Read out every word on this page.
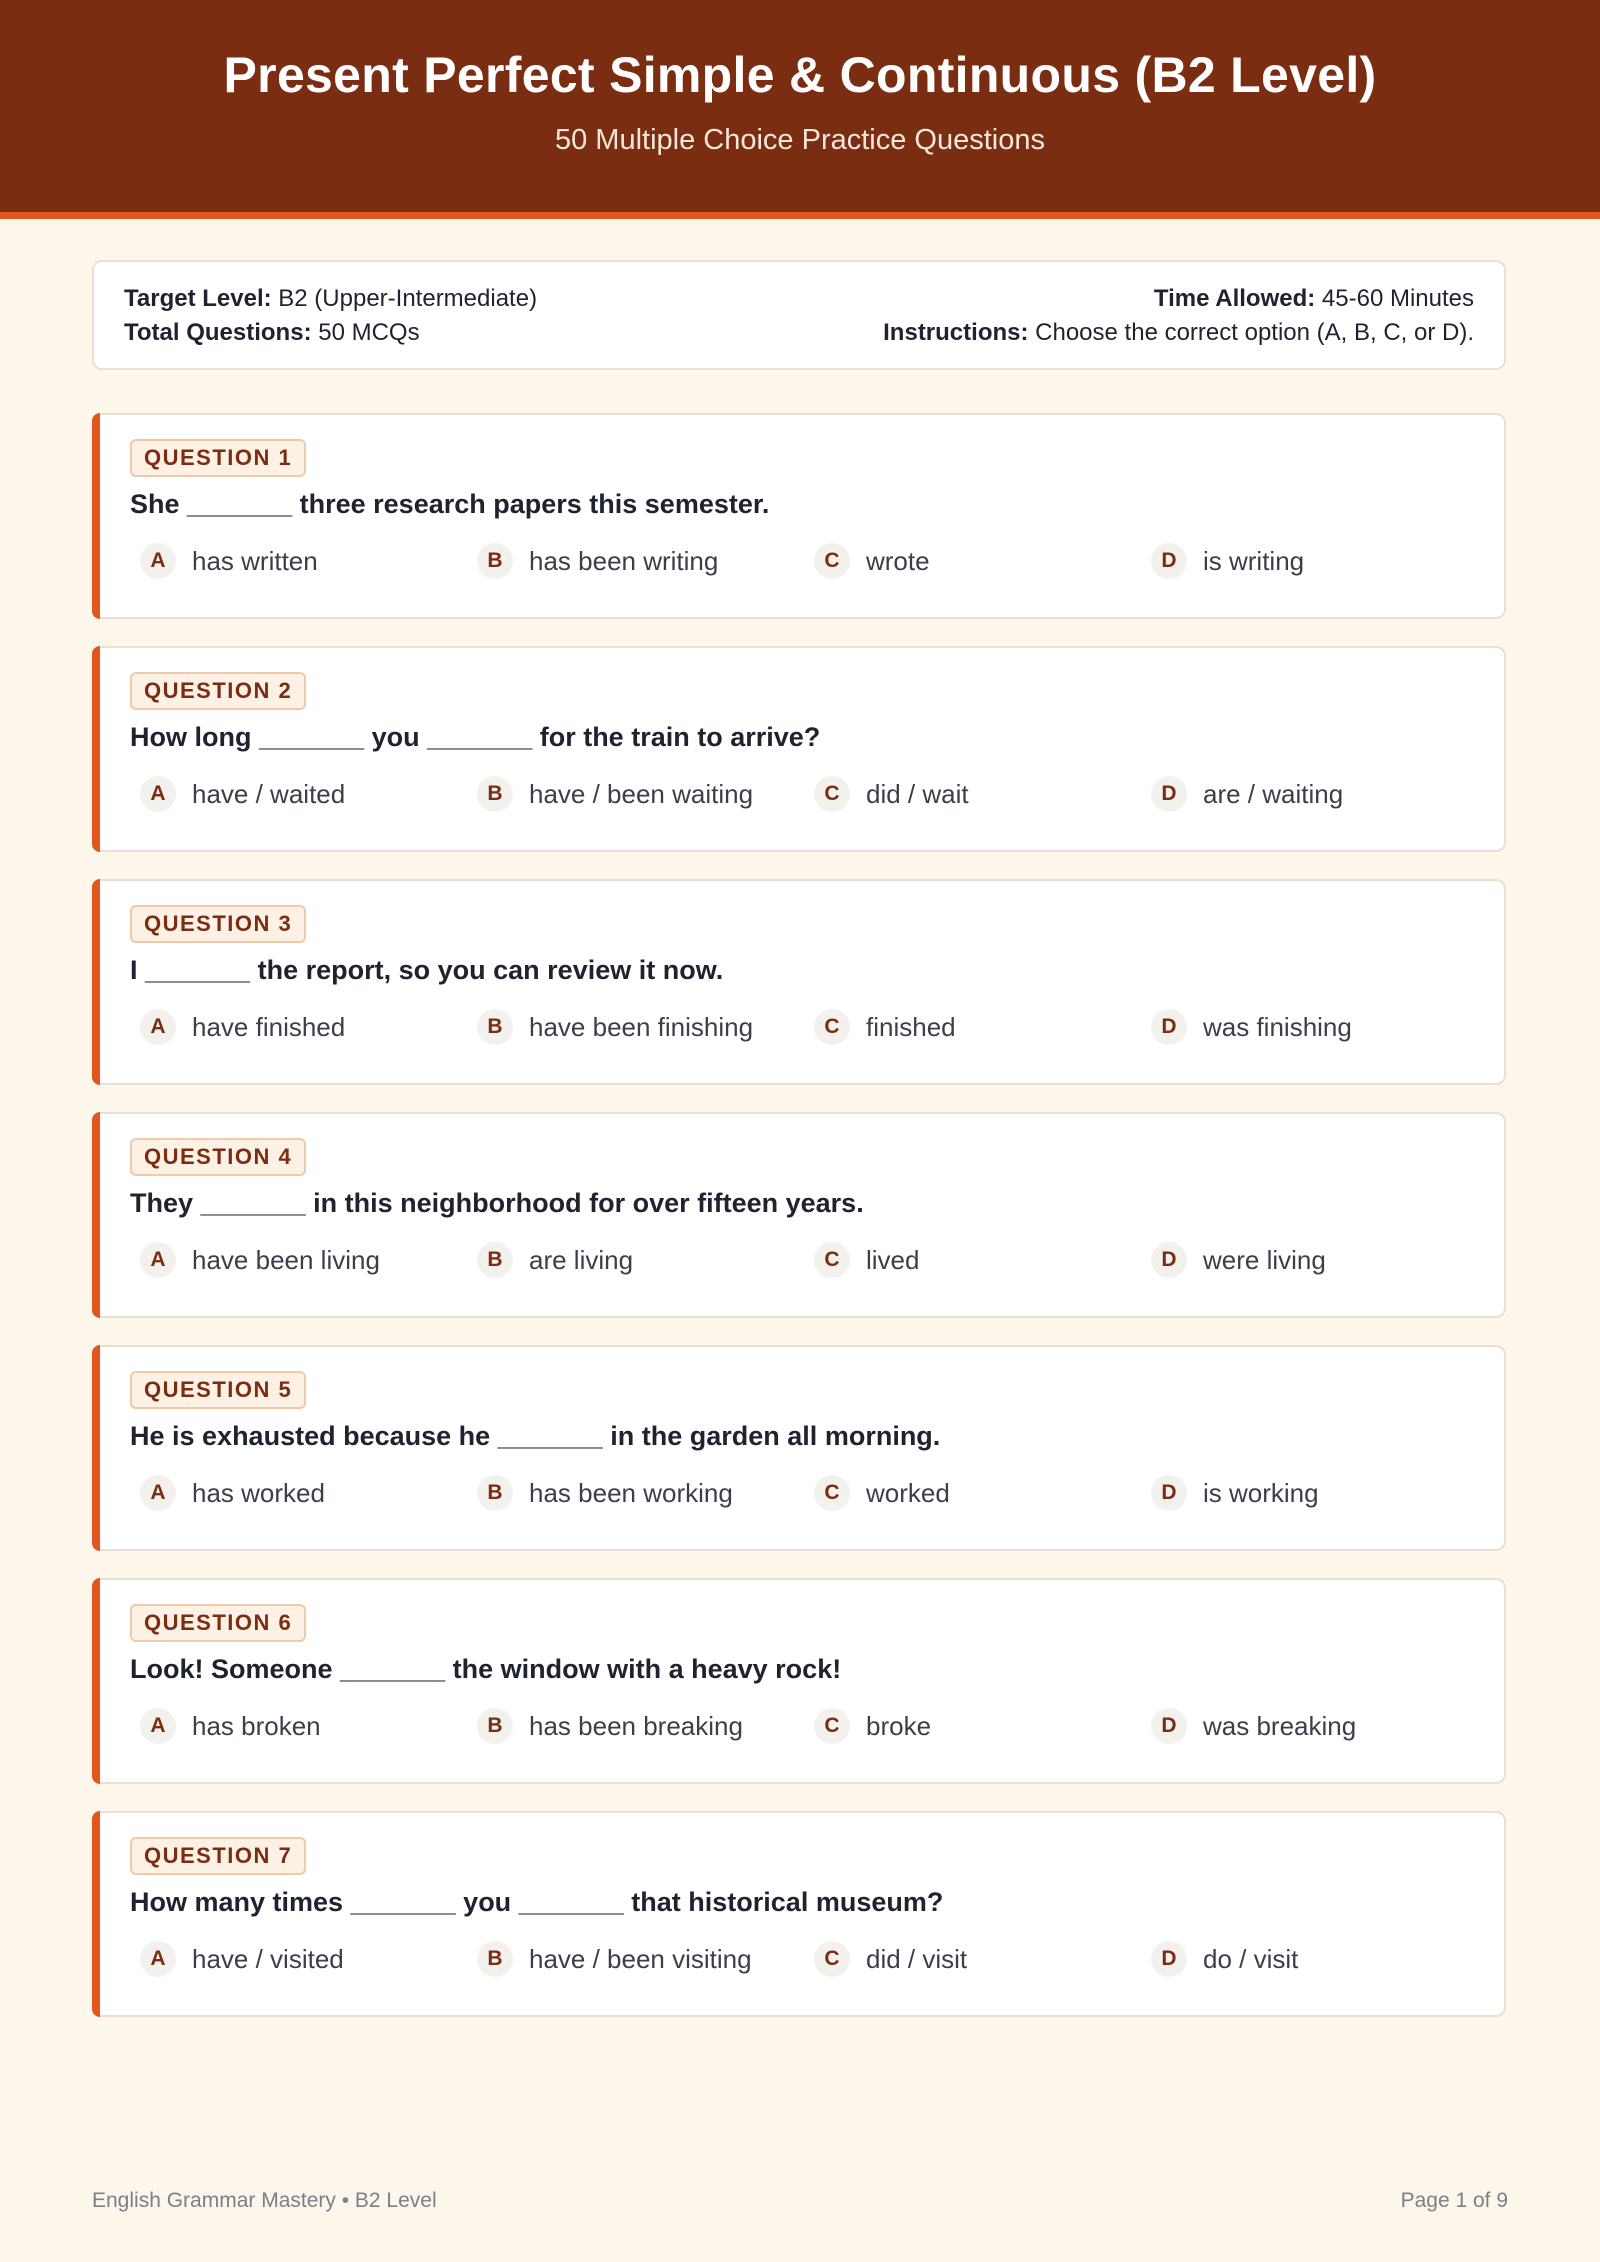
Present Perfect Simple & Continuous (B2 Level)
50 Multiple Choice Practice Questions
Target Level: B2 (Upper-Intermediate)
Total Questions: 50 MCQs
Time Allowed: 45-60 Minutes
Instructions: Choose the correct option (A, B, C, or D).
QUESTION 1
She _______ three research papers this semester.
A	has written	B	has been writing	C	wrote	D	is writing
QUESTION 2
How long _______ you _______ for the train to arrive?
A	have / waited	B	have / been waiting	C	did / wait	D	are / waiting
QUESTION 3
I _______ the report, so you can review it now.
A	have finished	B	have been finishing	C	finished	D	was finishing
QUESTION 4
They _______ in this neighborhood for over fifteen years.
A	have been living	B	are living	C	lived	D	were living
QUESTION 5
He is exhausted because he _______ in the garden all morning.
A	has worked	B	has been working	C	worked	D	is working
QUESTION 6
Look! Someone _______ the window with a heavy rock!
A	has broken	B	has been breaking	C	broke	D	was breaking
QUESTION 7
How many times _______ you _______ that historical museum?
A	have / visited	B	have / been visiting	C	did / visit	D	do / visit
English Grammar Mastery • B2 Level	Page 1 of 9
